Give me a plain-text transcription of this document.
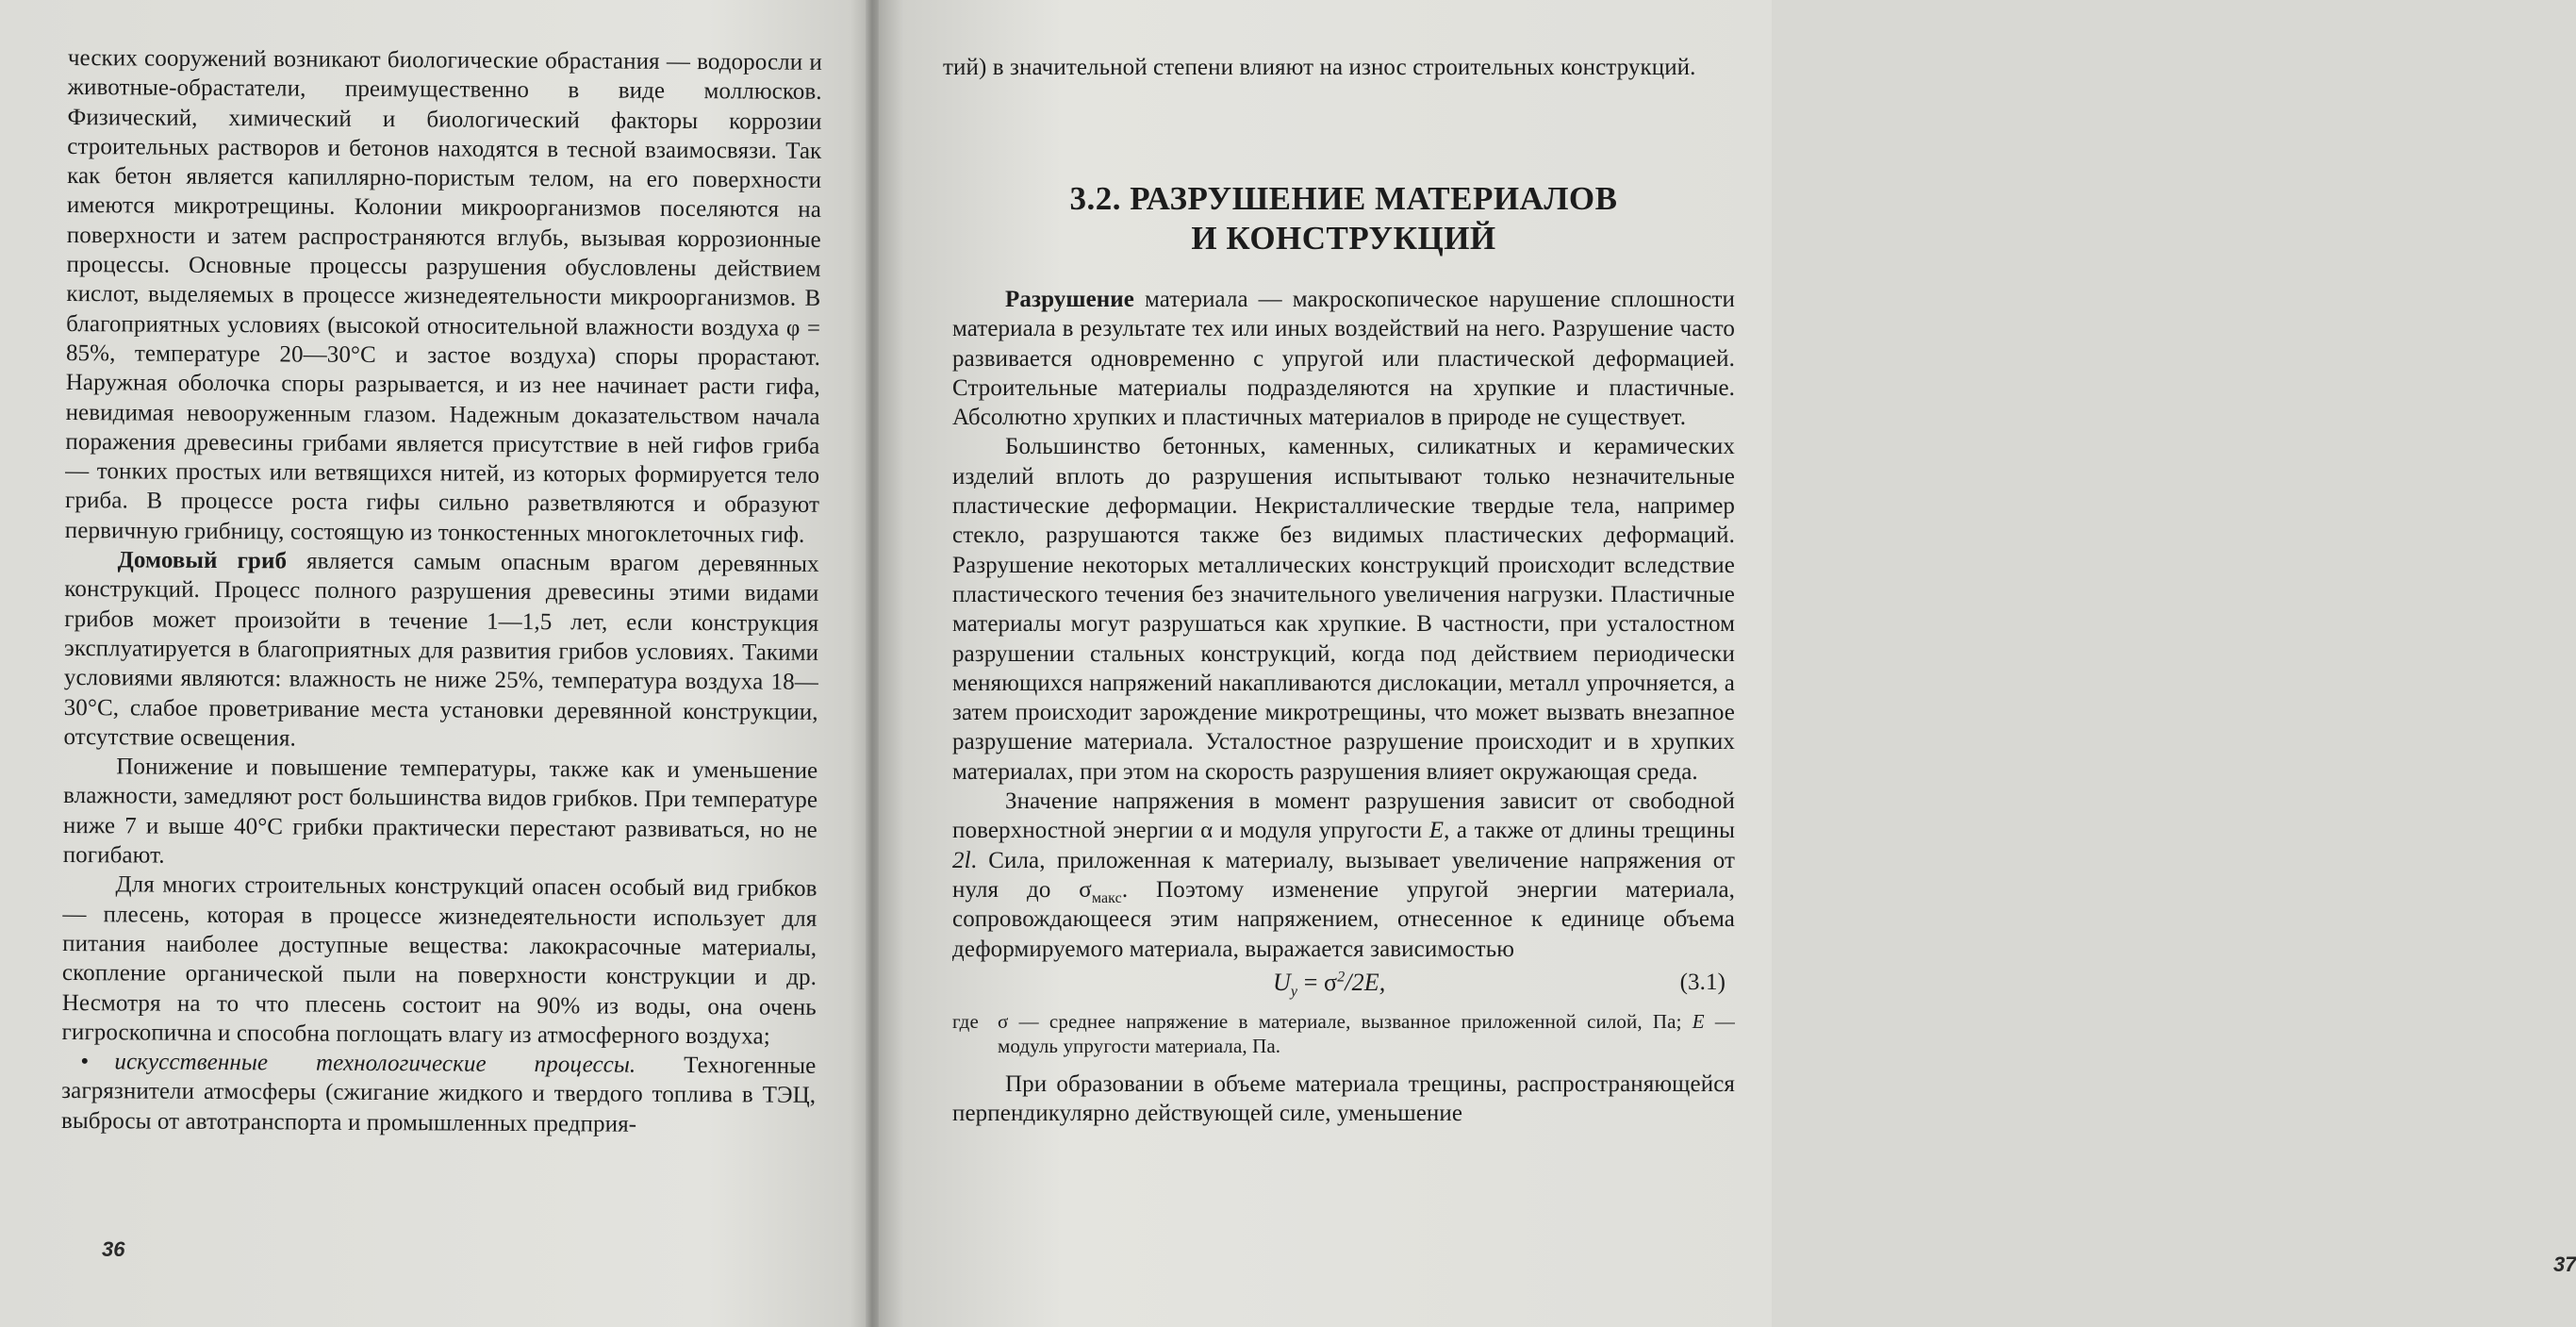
ческих сооружений возникают биологические обрастания — водоросли и животные-обрастатели, преимущественно в виде моллюсков. Физический, химический и биологический факторы коррозии строительных растворов и бетонов находятся в тесной взаимосвязи. Так как бетон является капиллярно-пористым телом, на его поверхности имеются микротрещины. Колонии микроорганизмов поселяются на поверхности и затем распространяются вглубь, вызывая коррозионные процессы. Основные процессы разрушения обусловлены действием кислот, выделяемых в процессе жизнедеятельности микроорганизмов. В благоприятных условиях (высокой относительной влажности воздуха φ = 85%, температуре 20—30°С и застое воздуха) споры прорастают. Наружная оболочка споры разрывается, и из нее начинает расти гифа, невидимая невооруженным глазом. Надежным доказательством начала поражения древесины грибами является присутствие в ней гифов гриба — тонких простых или ветвящихся нитей, из которых формируется тело гриба. В процессе роста гифы сильно разветвляются и образуют первичную грибницу, состоящую из тонкостенных многоклеточных гиф.

Домовый гриб является самым опасным врагом деревянных конструкций. Процесс полного разрушения древесины этими видами грибов может произойти в течение 1—1,5 лет, если конструкция эксплуатируется в благоприятных для развития грибов условиях. Такими условиями являются: влажность не ниже 25%, температура воздуха 18—30°С, слабое проветривание места установки деревянной конструкции, отсутствие освещения.

Понижение и повышение температуры, также как и уменьшение влажности, замедляют рост большинства видов грибков. При температуре ниже 7 и выше 40°С грибки практически перестают развиваться, но не погибают.

Для многих строительных конструкций опасен особый вид грибков — плесень, которая в процессе жизнедеятельности использует для питания наиболее доступные вещества: лакокрасочные материалы, скопление органической пыли на поверхности конструкции и др. Несмотря на то что плесень состоит на 90% из воды, она очень гигроскопична и способна поглощать влагу из атмосферного воздуха;

• искусственные технологические процессы. Техногенные загрязнители атмосферы (сжигание жидкого и твердого топлива в ТЭЦ, выбросы от автотранспорта и промышленных предприя-

36

тий) в значительной степени влияют на износ строительных конструкций.

3.2. РАЗРУШЕНИЕ МАТЕРИАЛОВ
И КОНСТРУКЦИЙ

Разрушение материала — макроскопическое нарушение сплошности материала в результате тех или иных воздействий на него. Разрушение часто развивается одновременно с упругой или пластической деформацией. Строительные материалы подразделяются на хрупкие и пластичные. Абсолютно хрупких и пластичных материалов в природе не существует.

Большинство бетонных, каменных, силикатных и керамических изделий вплоть до разрушения испытывают только незначительные пластические деформации. Некристаллические твердые тела, например стекло, разрушаются также без видимых пластических деформаций. Разрушение некоторых металлических конструкций происходит вследствие пластического течения без значительного увеличения нагрузки. Пластичные материалы могут разрушаться как хрупкие. В частности, при усталостном разрушении стальных конструкций, когда под действием периодически меняющихся напряжений накапливаются дислокации, металл упрочняется, а затем происходит зарождение микротрещины, что может вызвать внезапное разрушение материала. Усталостное разрушение происходит и в хрупких материалах, при этом на скорость разрушения влияет окружающая среда.

Значение напряжения в момент разрушения зависит от свободной поверхностной энергии α и модуля упругости E, а также от длины трещины 2l. Сила, приложенная к материалу, вызывает увеличение напряжения от нуля до $\sigma_{макс}$. Поэтому изменение упругой энергии материала, сопровождающееся этим напряжением, отнесенное к единице объема деформируемого материала, выражается зависимостью

$U_у = \sigma^2/2E$,	(3.1)
где σ — среднее напряжение в материале, вызванное приложенной силой, Па; E — модуль упругости материала, Па.

При образовании в объеме материала трещины, распространяющейся перпендикулярно действующей силе, уменьшение

37
